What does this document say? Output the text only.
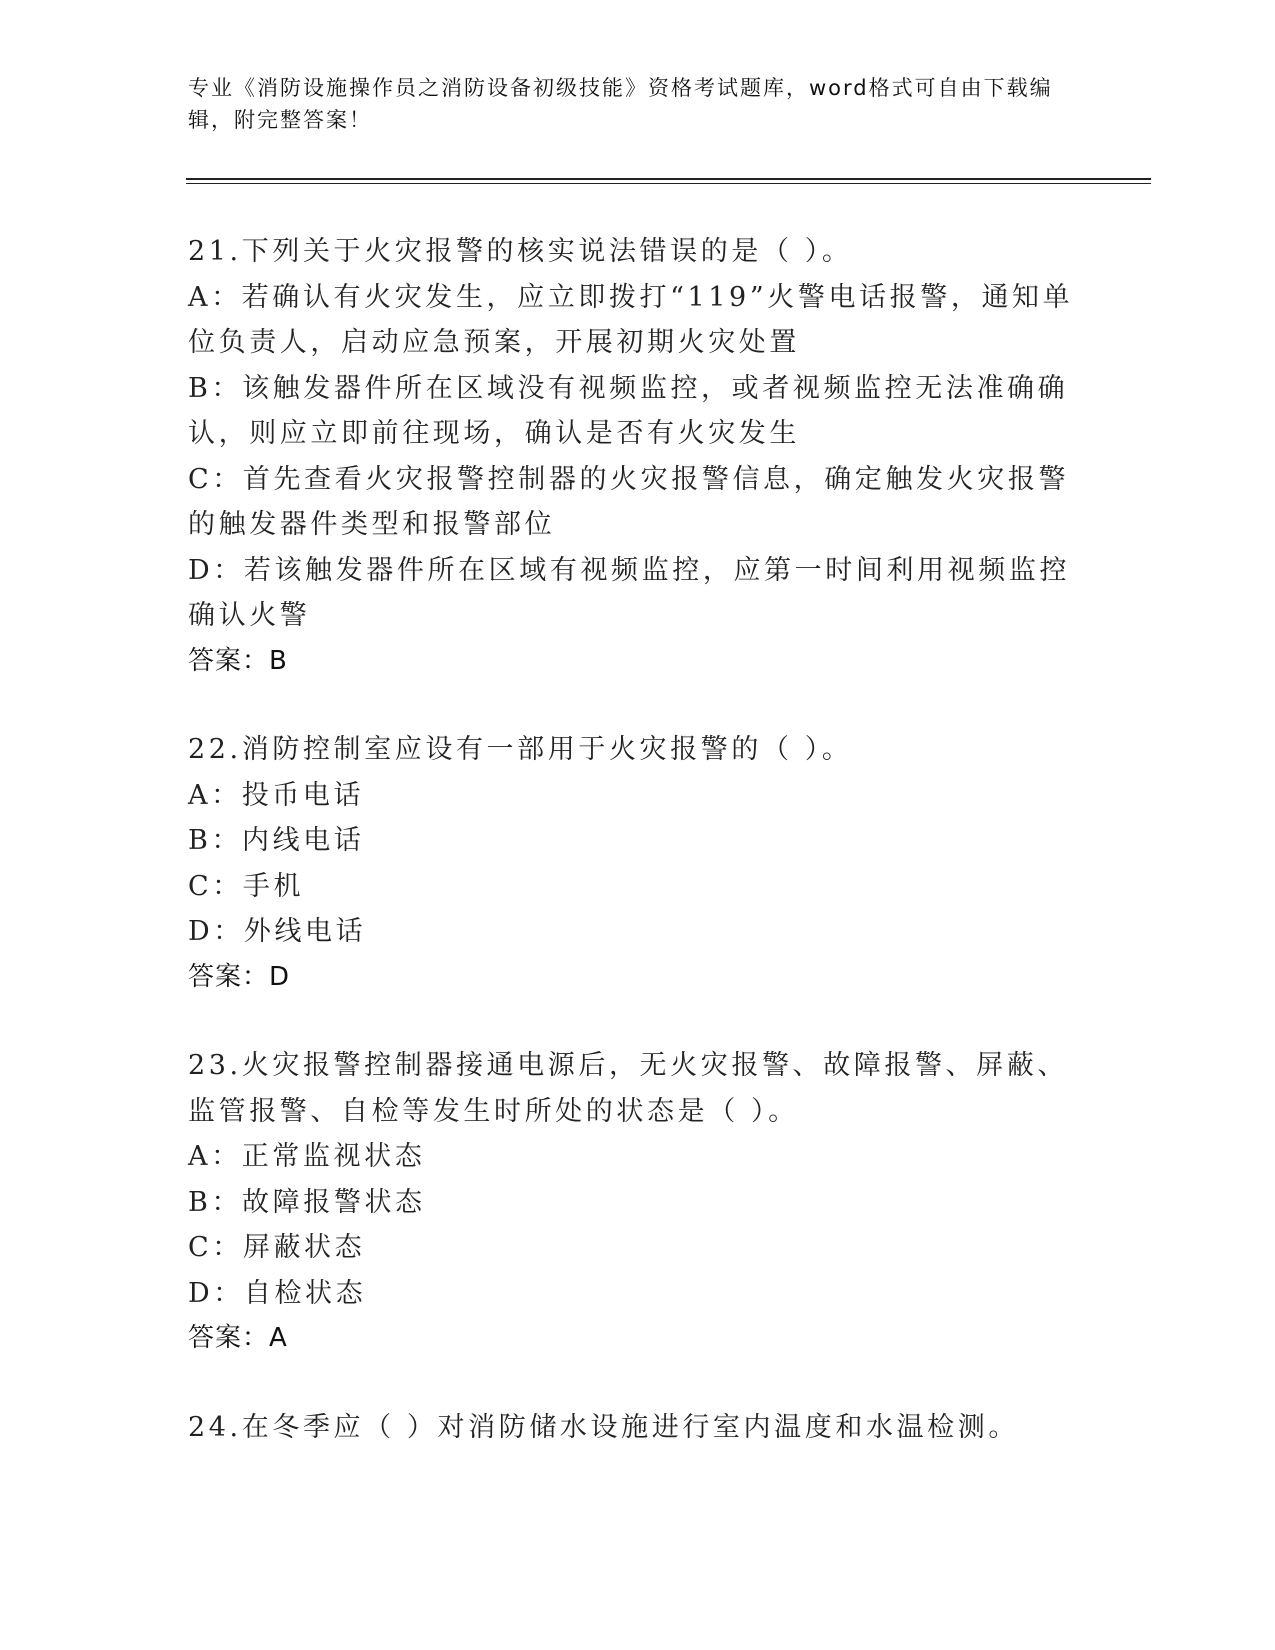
专业《消防设施操作员之消防设备初级技能》资格考试题库，word格式可自由下载编辑，附完整答案！

21.下列关于火灾报警的核实说法错误的是（ ）。

A：若确认有火灾发生，应立即拨打“119”火警电话报警，通知单位负责人，启动应急预案，开展初期火灾处置

B：该触发器件所在区域没有视频监控，或者视频监控无法准确确认，则应立即前往现场，确认是否有火灾发生

C：首先查看火灾报警控制器的火灾报警信息，确定触发火灾报警的触发器件类型和报警部位

D：若该触发器件所在区域有视频监控，应第一时间利用视频监控确认火警

答案：B

22.消防控制室应设有一部用于火灾报警的（ ）。

A：投币电话

B：内线电话

C：手机

D：外线电话

答案：D

23.火灾报警控制器接通电源后，无火灾报警、故障报警、屏蔽、监管报警、自检等发生时所处的状态是（ ）。

A：正常监视状态

B：故障报警状态

C：屏蔽状态

D：自检状态

答案：A

24.在冬季应（ ）对消防储水设施进行室内温度和水温检测。
